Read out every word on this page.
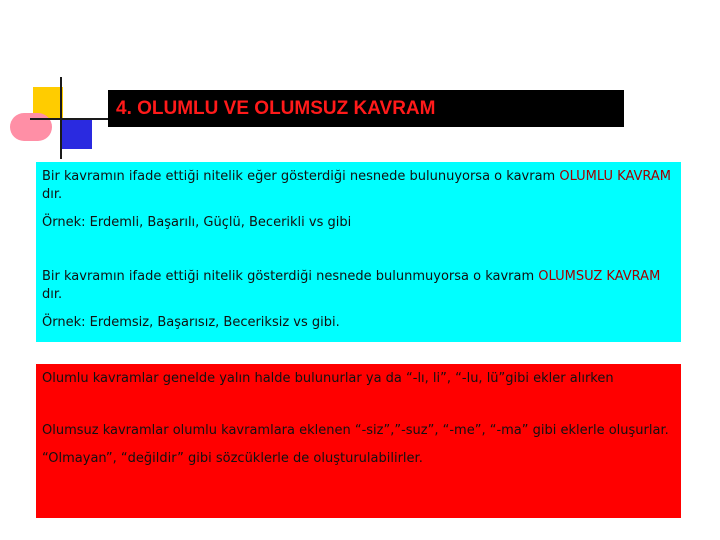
4. OLUMLU VE OLUMSUZ KAVRAM

Bir kavramın ifade ettiği nitelik eğer gösterdiği nesnede bulunuyorsa o kavram OLUMLU KAVRAM dır.

Örnek: Erdemli, Başarılı, Güçlü, Becerikli vs gibi

Bir kavramın ifade ettiği nitelik gösterdiği nesnede bulunmuyorsa o kavram OLUMSUZ KAVRAM dır.

Örnek: Erdemsiz, Başarısız, Beceriksiz vs gibi.

Olumlu kavramlar genelde yalın halde bulunurlar ya da “-lı, li”, “-lu, lü”gibi ekler alırken

Olumsuz kavramlar olumlu kavramlara eklenen “-siz”,”-suz”, “-me”, “-ma” gibi eklerle oluşurlar.

“Olmayan”, “değildir” gibi sözcüklerle de oluşturulabilirler.
